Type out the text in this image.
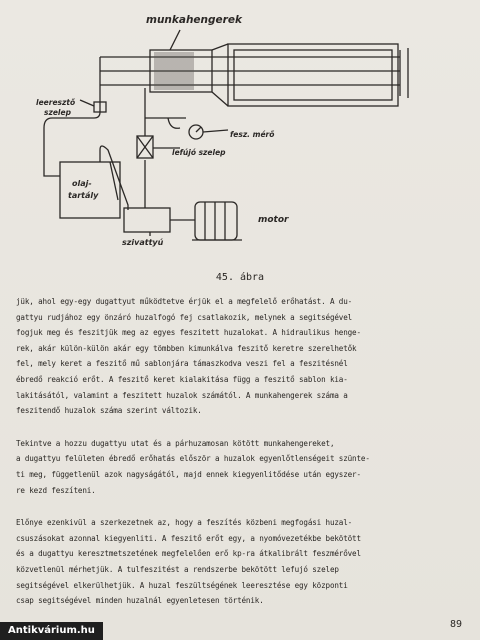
munkahengerek
leeresztő
szelep
fesz. mérő
lefújó szelep
olaj-
tartály
szivattyú
motor
45. ábra

jük, ahol egy-egy dugattyut működtetve érjük el a megfelelő erőhatást. A du-
gattyu rudjához egy önzáró huzalfogó fej csatlakozik, melynek a segitségével
fogjuk meg és feszitjük meg az egyes feszitett huzalokat. A hidraulikus henge-
rek, akár külön-külön akár egy tömbben kimunkálva feszitő keretre szerelhetők
fel, mely keret a feszitő mű sablonjára támaszkodva veszi fel a feszitésnél
ébredő reakció erőt. A feszitő keret kialakitása függ a feszitő sablon kia-
lakitásától, valamint a feszitett huzalok számától. A munkahengerek száma a
feszitendő huzalok száma szerint változik.

Tekintve a hozzu dugattyu utat és a párhuzamosan kötött munkahengereket,
a dugattyu felületen ébredő erőhatás először a huzalok egyenlőtlenségeit szünte-
ti meg, függetlenül azok nagyságától, majd ennek kiegyenlitődése után egyszer-
re kezd feszíteni.

Előnye ezenkivül a szerkezetnek az, hogy a feszítés közbeni megfogási huzal-
csuszásokat azonnal kiegyenliti. A feszitő erőt egy, a nyomóvezetékbe bekötött
és a dugattyu keresztmetszetének megfelelően erő kp-ra átkalibrált feszmérővel
közvetlenül mérhetjük. A tulfeszitést a rendszerbe bekötött lefujó szelep
segitségével elkerülhetjük. A huzal feszültségének leeresztése egy központi
csap segitségével minden huzalnál egyenletesen történik.

89
Antikvárium.hu
